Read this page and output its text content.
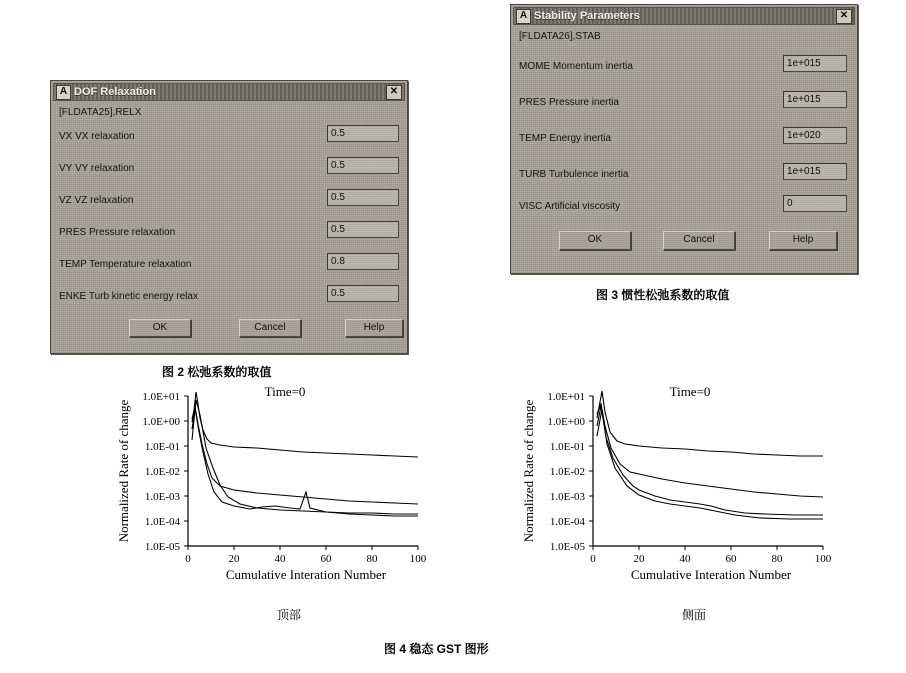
A DOF Relaxation	✕
[FLDATA25],RELX
VX VX relaxation	0.5
VY VY relaxation	0.5
VZ VZ relaxation	0.5
PRES Pressure relaxation	0.5
TEMP Temperature relaxation	0.8
ENKE Turb kinetic energy relax	0.5
OK	Cancel	Help
A Stability Parameters	✕
[FLDATA26],STAB
MOME Momentum inertia	1e+015
PRES Pressure inertia	1e+015
TEMP Energy inertia	1e+020
TURB Turbulence inertia	1e+015
VISC Artificial viscosity	0
OK	Cancel	Help
图 3 惯性松弛系数的取值
图 2 松弛系数的取值
图 4 稳态 GST 图形
顶部	侧面
1.0E+01
1.0E+00
1.0E-01
1.0E-02
1.0E-03
1.0E-04
1.0E-05
0	20	40	60	80	100
Cumulative Interation Number
Normalized Rate of change
Time=0	1.0E+01
1.0E+00
1.0E-01
1.0E-02
1.0E-03
1.0E-04
1.0E-05
0	20	40	60	80	100
Cumulative Interation Number
Normalized Rate of change
Time=0
